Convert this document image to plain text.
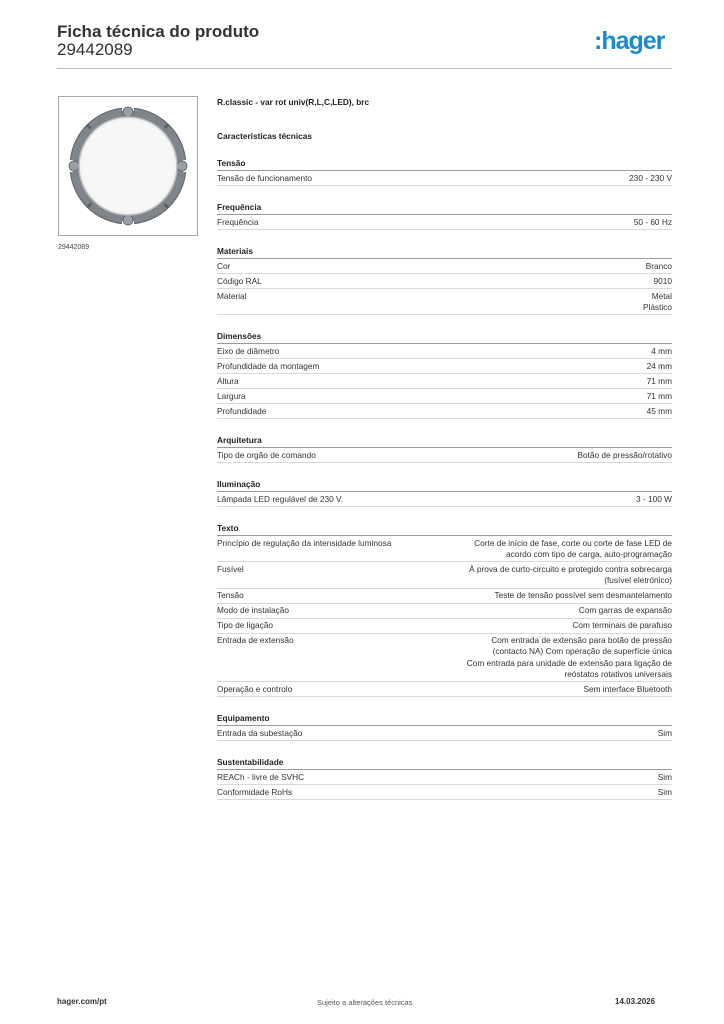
Ficha técnica do produto
29442089	:hager
29442089
R.classic - var rot univ(R,L,C,LED), brc
Características técnicas
Tensão
Tensão de funcionamento	230 - 230 V
Frequência
Frequência	50 - 60 Hz
Materiais
Cor	Branco
Código RAL	9010
Material	Metal
Plástico
Dimensões
Eixo de diâmetro	4 mm
Profundidade da montagem	24 mm
Altura	71 mm
Largura	71 mm
Profundidade	45 mm
Arquitetura
Tipo de orgão de comando	Botão de pressão/rotativo
Iluminação
Lâmpada LED regulável de 230 V.	3 - 100 W
Texto
Princípio de regulação da intensidade luminosa	Corte de início de fase, corte ou corte de fase LED de
acordo com tipo de carga, auto-programação
Fusível	À prova de curto-circuito e protegido contra sobrecarga
(fusível eletrónico)
Tensão	Teste de tensão possível sem desmantelamento
Modo de instalação	Com garras de expansão
Tipo de ligação	Com terminais de parafuso
Entrada de extensão	Com entrada de extensão para botão de pressão
(contacto NA) Com operação de superfície única
Com entrada para unidade de extensão para ligação de
reóstatos rotativos universais
Operação e controlo	Sem interface Bluetooth
Equipamento
Entrada da subestação	Sim
Sustentabilidade
REACh - livre de SVHC	Sim
Conformidade RoHs	Sim
hager.com/pt	Sujeito a alterações técnicas	14.03.2026
